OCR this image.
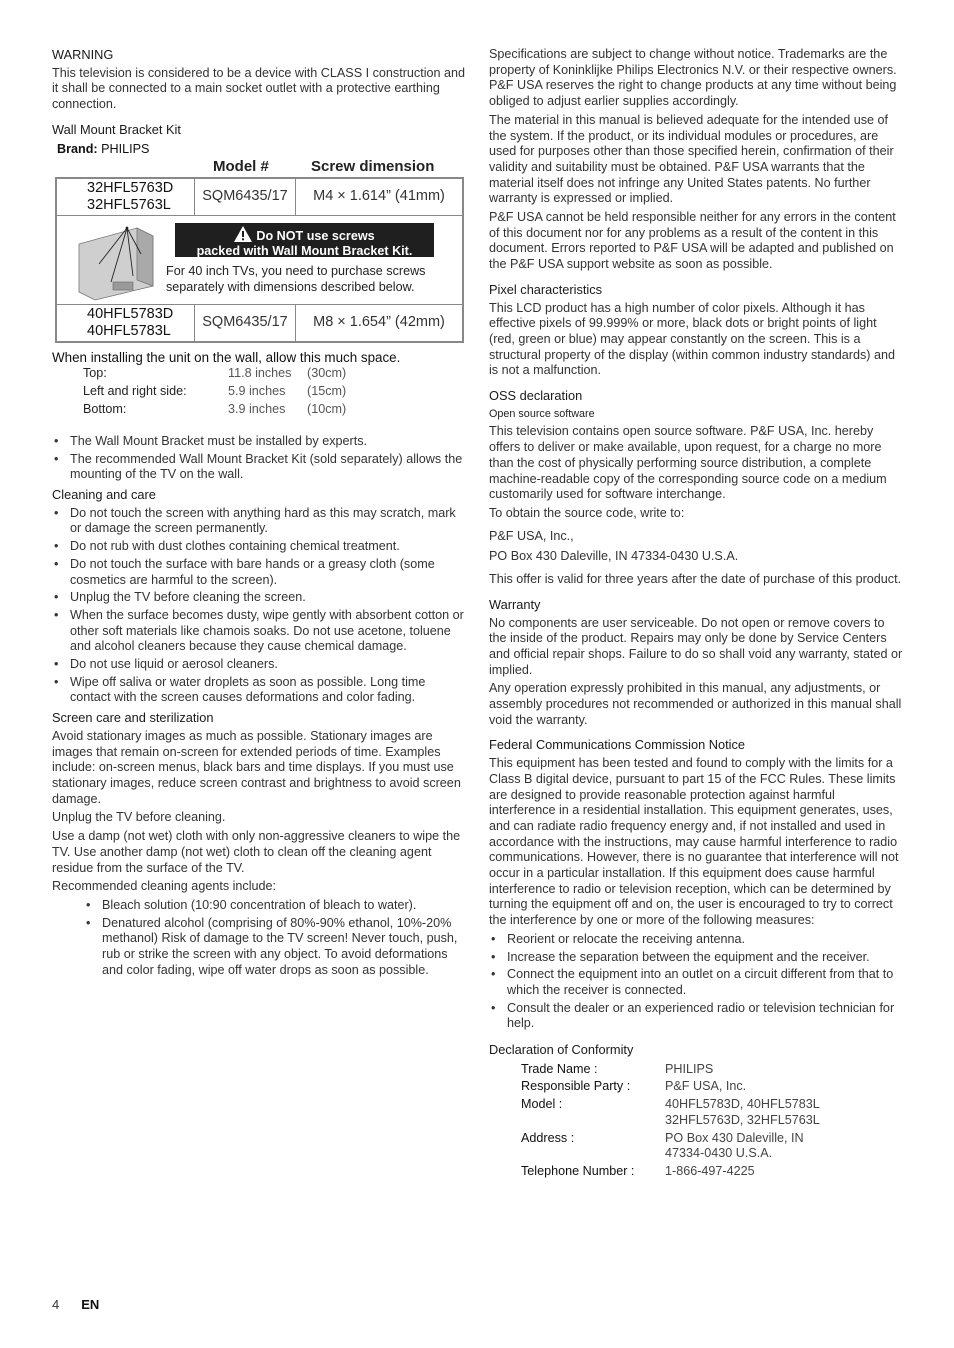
WARNING

This television is considered to be a device with CLASS I construction and it shall be connected to a main socket outlet with a protective earthing connection.

Wall Mount Bracket Kit
Brand: PHILIPS
Model #	Screw dimension
32HFL5763D
32HFL5763L
SQM6435/17	M4 × 1.614” (41mm)
Do NOT use screws
packed with Wall Mount Bracket Kit.
For 40 inch TVs, you need to purchase screws separately with dimensions described below.
40HFL5783D
40HFL5783L
SQM6435/17	M8 × 1.654” (42mm)
When installing the unit on the wall, allow this much space.
Top:	11.8 inches	(30cm)
Left and right side:	5.9 inches	(15cm)
Bottom:	3.9 inches	(10cm)
• The Wall Mount Bracket must be installed by experts.
• The recommended Wall Mount Bracket Kit (sold separately) allows the mounting of the TV on the wall.
Cleaning and care
• Do not touch the screen with anything hard as this may scratch, mark or damage the screen permanently.
• Do not rub with dust clothes containing chemical treatment.
• Do not touch the surface with bare hands or a greasy cloth (some cosmetics are harmful to the screen).
• Unplug the TV before cleaning the screen.
• When the surface becomes dusty, wipe gently with absorbent cotton or other soft materials like chamois soaks. Do not use acetone, toluene and alcohol cleaners because they cause chemical damage.
• Do not use liquid or aerosol cleaners.
• Wipe off saliva or water droplets as soon as possible. Long time contact with the screen causes deformations and color fading.
Screen care and sterilization

Avoid stationary images as much as possible. Stationary images are images that remain on-screen for extended periods of time. Examples include: on-screen menus, black bars and time displays. If you must use stationary images, reduce screen contrast and brightness to avoid screen damage.

Unplug the TV before cleaning.

Use a damp (not wet) cloth with only non-aggressive cleaners to wipe the TV. Use another damp (not wet) cloth to clean off the cleaning agent residue from the surface of the TV.

Recommended cleaning agents include:

• Bleach solution (10:90 concentration of bleach to water).
• Denatured alcohol (comprising of 80%-90% ethanol, 10%-20% methanol) Risk of damage to the TV screen! Never touch, push, rub or strike the screen with any object. To avoid deformations and color fading, wipe off water drops as soon as possible.

Specifications are subject to change without notice. Trademarks are the property of Koninklijke Philips Electronics N.V. or their respective owners. P&F USA reserves the right to change products at any time without being obliged to adjust earlier supplies accordingly.

The material in this manual is believed adequate for the intended use of the system. If the product, or its individual modules or procedures, are used for purposes other than those specified herein, confirmation of their validity and suitability must be obtained. P&F USA warrants that the material itself does not infringe any United States patents. No further warranty is expressed or implied.

P&F USA cannot be held responsible neither for any errors in the content of this document nor for any problems as a result of the content in this document. Errors reported to P&F USA will be adapted and published on the P&F USA support website as soon as possible.

Pixel characteristics

This LCD product has a high number of color pixels. Although it has effective pixels of 99.999% or more, black dots or bright points of light (red, green or blue) may appear constantly on the screen. This is a structural property of the display (within common industry standards) and is not a malfunction.

OSS declaration
Open source software

This television contains open source software. P&F USA, Inc. hereby offers to deliver or make available, upon request, for a charge no more than the cost of physically performing source distribution, a complete machine-readable copy of the corresponding source code on a medium customarily used for software interchange.

To obtain the source code, write to:

P&F USA, Inc.,

PO Box 430 Daleville, IN 47334-0430 U.S.A.

This offer is valid for three years after the date of purchase of this product.

Warranty

No components are user serviceable. Do not open or remove covers to the inside of the product. Repairs may only be done by Service Centers and official repair shops. Failure to do so shall void any warranty, stated or implied.

Any operation expressly prohibited in this manual, any adjustments, or assembly procedures not recommended or authorized in this manual shall void the warranty.

Federal Communications Commission Notice

This equipment has been tested and found to comply with the limits for a Class B digital device, pursuant to part 15 of the FCC Rules. These limits are designed to provide reasonable protection against harmful interference in a residential installation. This equipment generates, uses, and can radiate radio frequency energy and, if not installed and used in accordance with the instructions, may cause harmful interference to radio communications. However, there is no guarantee that interference will not occur in a particular installation. If this equipment does cause harmful interference to radio or television reception, which can be determined by turning the equipment off and on, the user is encouraged to try to correct the interference by one or more of the following measures:

• Reorient or relocate the receiving antenna.
• Increase the separation between the equipment and the receiver.
• Connect the equipment into an outlet on a circuit different from that to which the receiver is connected.
• Consult the dealer or an experienced radio or television technician for help.
Declaration of Conformity
Trade Name :	PHILIPS
Responsible Party :	P&F USA, Inc.
Model :	40HFL5783D, 40HFL5783L
32HFL5763D, 32HFL5763L
Address :	PO Box 430 Daleville, IN
47334-0430 U.S.A.
Telephone Number :	1-866-497-4225
4 EN
